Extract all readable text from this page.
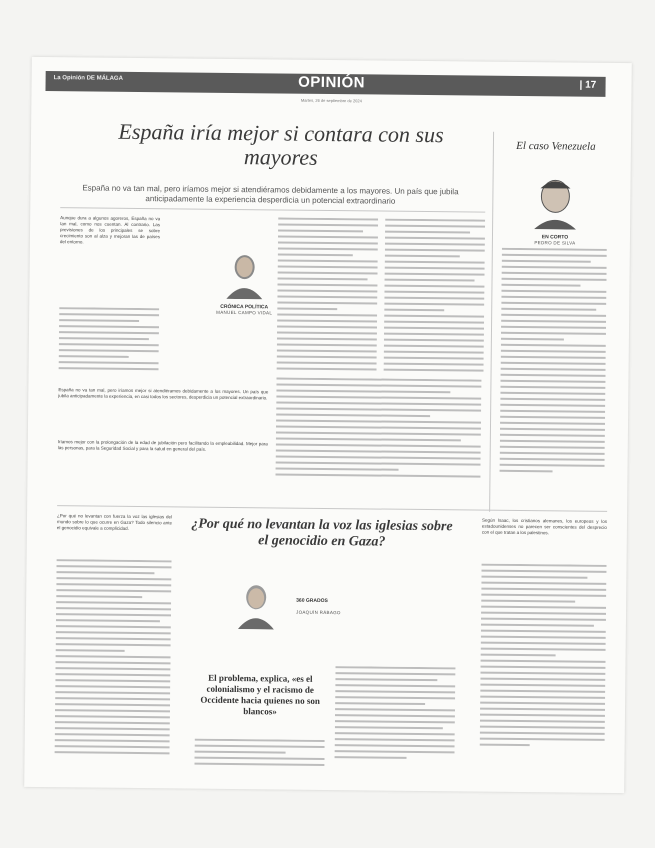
La Opinión DE MÁLAGA	OPINIÓN	| 17
Martes, 26 de septiembre de 2024
España iría mejor si contara con sus mayores
España no va tan mal, pero iríamos mejor si atendiéramos debidamente a los mayores. Un país que jubila anticipadamente la experiencia desperdicia un potencial extraordinario
Aunque dura a algunos agoreros, España no va tan mal, como nos cuentan. Al contrario. Las previsiones de los principales se sobre crecimiento son al alza y mejoran las de países del entorno.
CRÓNICA POLÍTICA
MANUEL CAMPO VIDAL
España no va tan mal, pero iríamos mejor si atendiéramos debidamente a los mayores. Un país que jubila anticipadamente la experiencia, en casi todos los sectores, desperdicia un potencial extraordinario.
Iríamos mejor con la prolongación de la edad de jubilación pero facilitando la empleabilidad. Mejor para las personas, para la Seguridad Social y para la salud en general del país.
El caso Venezuela
EN CORTO
PEDRO DE SILVA
¿Por qué no levantan con fuerza la voz las iglesias del mundo sobre lo que ocurre en Gaza? Todo silencio ante el genocidio equivale a complicidad.	¿Por qué no levantan la voz las iglesias sobre el genocidio en Gaza?
360 GRADOS
JOAQUÍN RÁBAGO
El problema, explica, «es el colonialismo y el racismo de Occidente hacia quienes no son blancos»
Según Isaac, los cristianos alemanes, los europeos y los estadounidenses no parecen ser conscientes del desprecio con el que tratan a los palestinos.
